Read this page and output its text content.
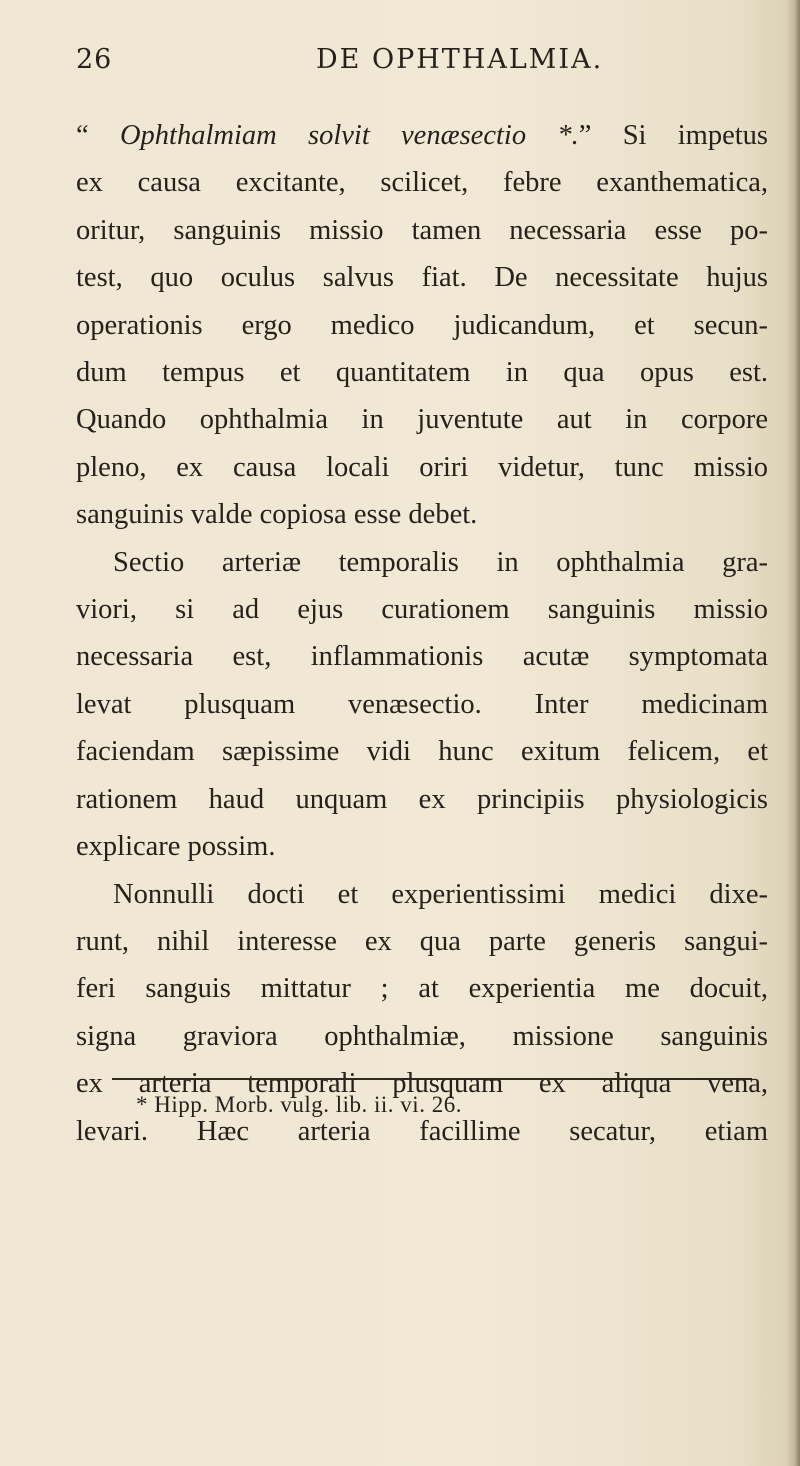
26	DE OPHTHALMIA.
“ Ophthalmiam solvit venæsectio *.” Si impetus
ex causa excitante, scilicet, febre exanthematica,
oritur, sanguinis missio tamen necessaria esse po-
test, quo oculus salvus fiat. De necessitate hujus
operationis ergo medico judicandum, et secun-
dum tempus et quantitatem in qua opus est.
Quando ophthalmia in juventute aut in corpore
pleno, ex causa locali oriri videtur, tunc missio
sanguinis valde copiosa esse debet.
Sectio arteriæ temporalis in ophthalmia gra-
viori, si ad ejus curationem sanguinis missio
necessaria est, inflammationis acutæ symptomata
levat plusquam venæsectio. Inter medicinam
faciendam sæpissime vidi hunc exitum felicem, et
rationem haud unquam ex principiis physiologicis
explicare possim.
Nonnulli docti et experientissimi medici dixe-
runt, nihil interesse ex qua parte generis sangui-
feri sanguis mittatur ; at experientia me docuit,
signa graviora ophthalmiæ, missione sanguinis
ex arteria temporali plusquam ex aliqua vena,
levari. Hæc arteria facillime secatur, etiam
* Hipp. Morb. vulg. lib. ii. vi. 26.
